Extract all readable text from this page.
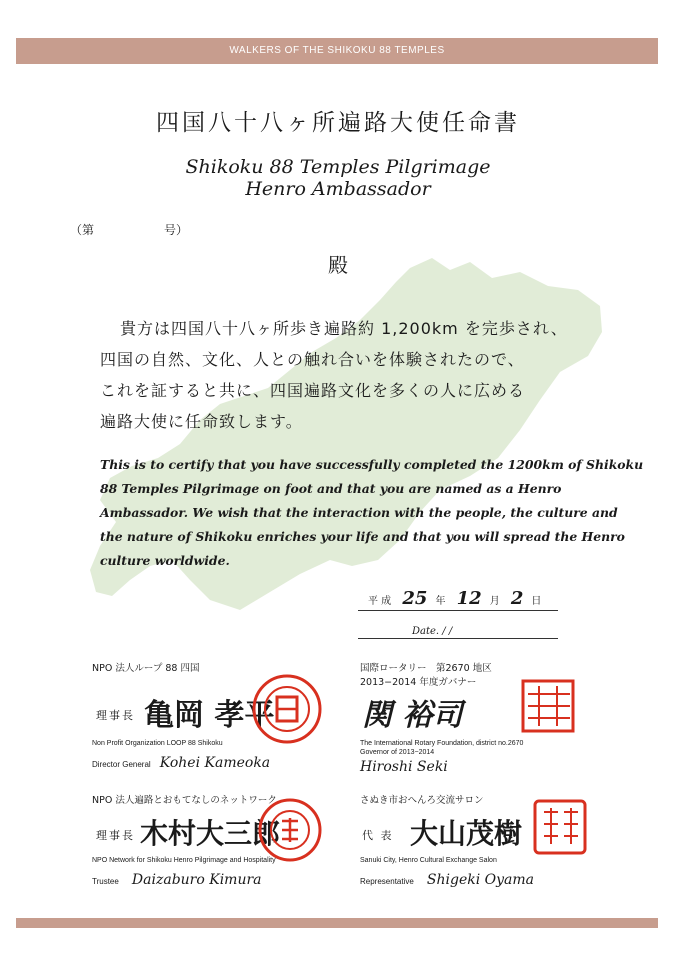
WALKERS OF THE SHIKOKU 88 TEMPLES
四国八十八ヶ所遍路大使任命書
Shikoku 88 Temples Pilgrimage
Henro Ambassador
（第	号）
殿
貴方は四国八十八ヶ所歩き遍路約 1,200km を完歩され、
四国の自然、文化、人との触れ合いを体験されたので、
これを証すると共に、四国遍路文化を多くの人に広める
遍路大使に任命致します。
This is to certify that you have successfully completed the 1200km of Shikoku
88 Temples Pilgrimage on foot and that you are named as a Henro
Ambassador. We wish that the interaction with the people, the culture and
the nature of Shikoku enriches your life and that you will spread the Henro
culture worldwide.
平 成 25 年 12 月 2 日
Date. / /
NPO 法人ループ 88 四国
理事長 亀岡 孝平
Non Profit Organization LOOP 88 Shikoku
Director General Kohei Kameoka
国際ロータリー　第2670 地区
2013−2014 年度ガバナー
関 裕司
The International Rotary Foundation, district no.2670
Governor of 2013−2014
Hiroshi Seki
NPO 法人遍路とおもてなしのネットワーク
理事長 木村大三郎
NPO Network for Shikoku Henro Pilgrimage and Hospitality
Trustee Daizaburo Kimura
さぬき市おへんろ交流サロン
代 表 大山茂樹
Sanuki City, Henro Cultural Exchange Salon
Representative Shigeki Oyama
